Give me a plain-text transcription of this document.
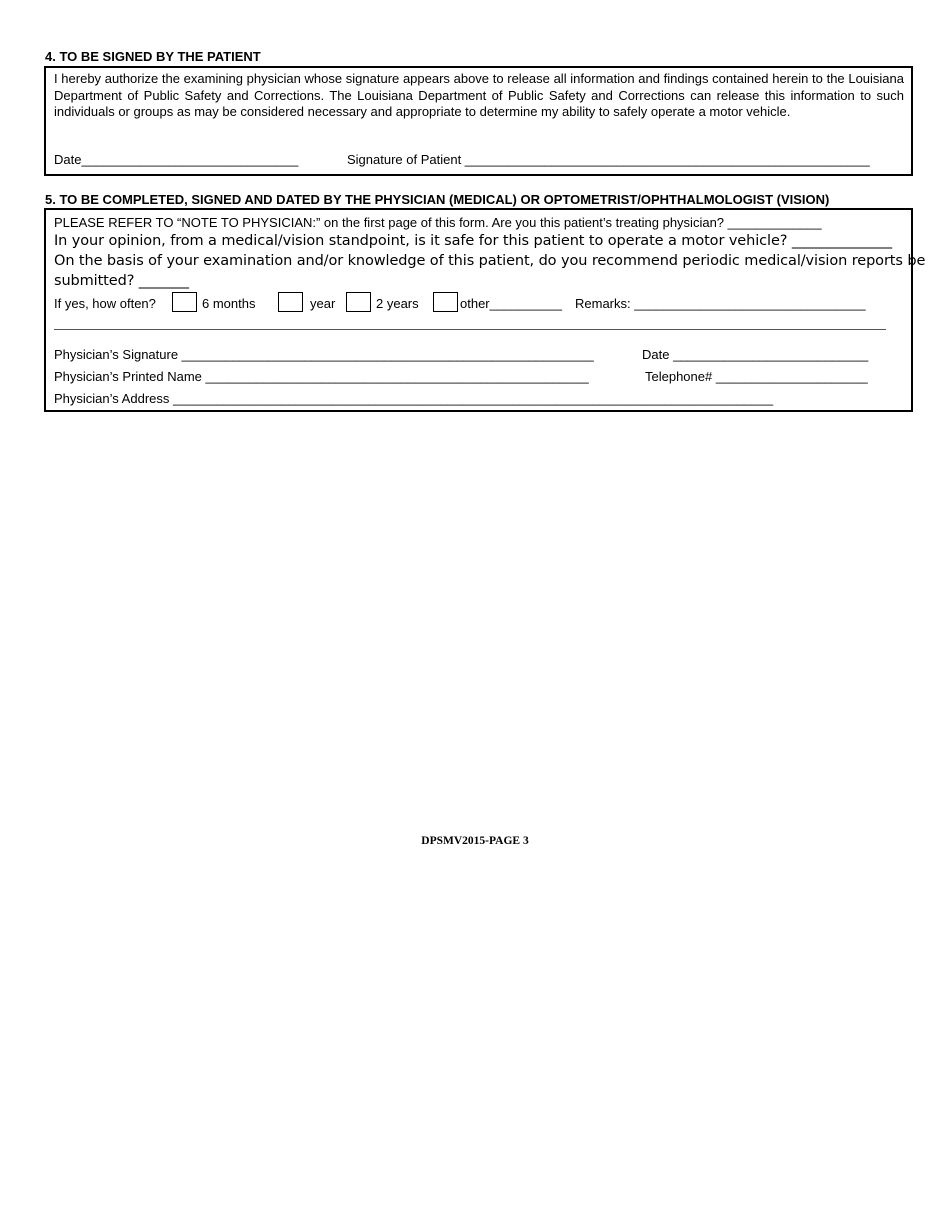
4. TO BE SIGNED BY THE PATIENT
I hereby authorize the examining physician whose signature appears above to release all information and findings contained herein to the Louisiana Department of Public Safety and Corrections. The Louisiana Department of Public Safety and Corrections can release this information to such individuals or groups as may be considered necessary and appropriate to determine my ability to safely operate a motor vehicle.
Date______________________________	Signature of Patient ________________________________________________________
5. TO BE COMPLETED, SIGNED AND DATED BY THE PHYSICIAN (MEDICAL) OR OPTOMETRIST/OPHTHALMOLOGIST (VISION)
PLEASE REFER TO “NOTE TO PHYSICIAN:” on the first page of this form. Are you this patient’s treating physician? _____________
In your opinion, from a medical/vision standpoint, is it safe for this patient to operate a motor vehicle? ______________
On the basis of your examination and/or knowledge of this patient, do you recommend periodic medical/vision reports be
submitted? _______
If yes, how often?	6 months	year	2 years	other__________ Remarks: ________________________________
Physician’s Signature _________________________________________________________	Date ___________________________
Physician’s Printed Name _____________________________________________________	Telephone# _____________________
Physician’s Address ___________________________________________________________________________________
DPSMV2015-PAGE 3
